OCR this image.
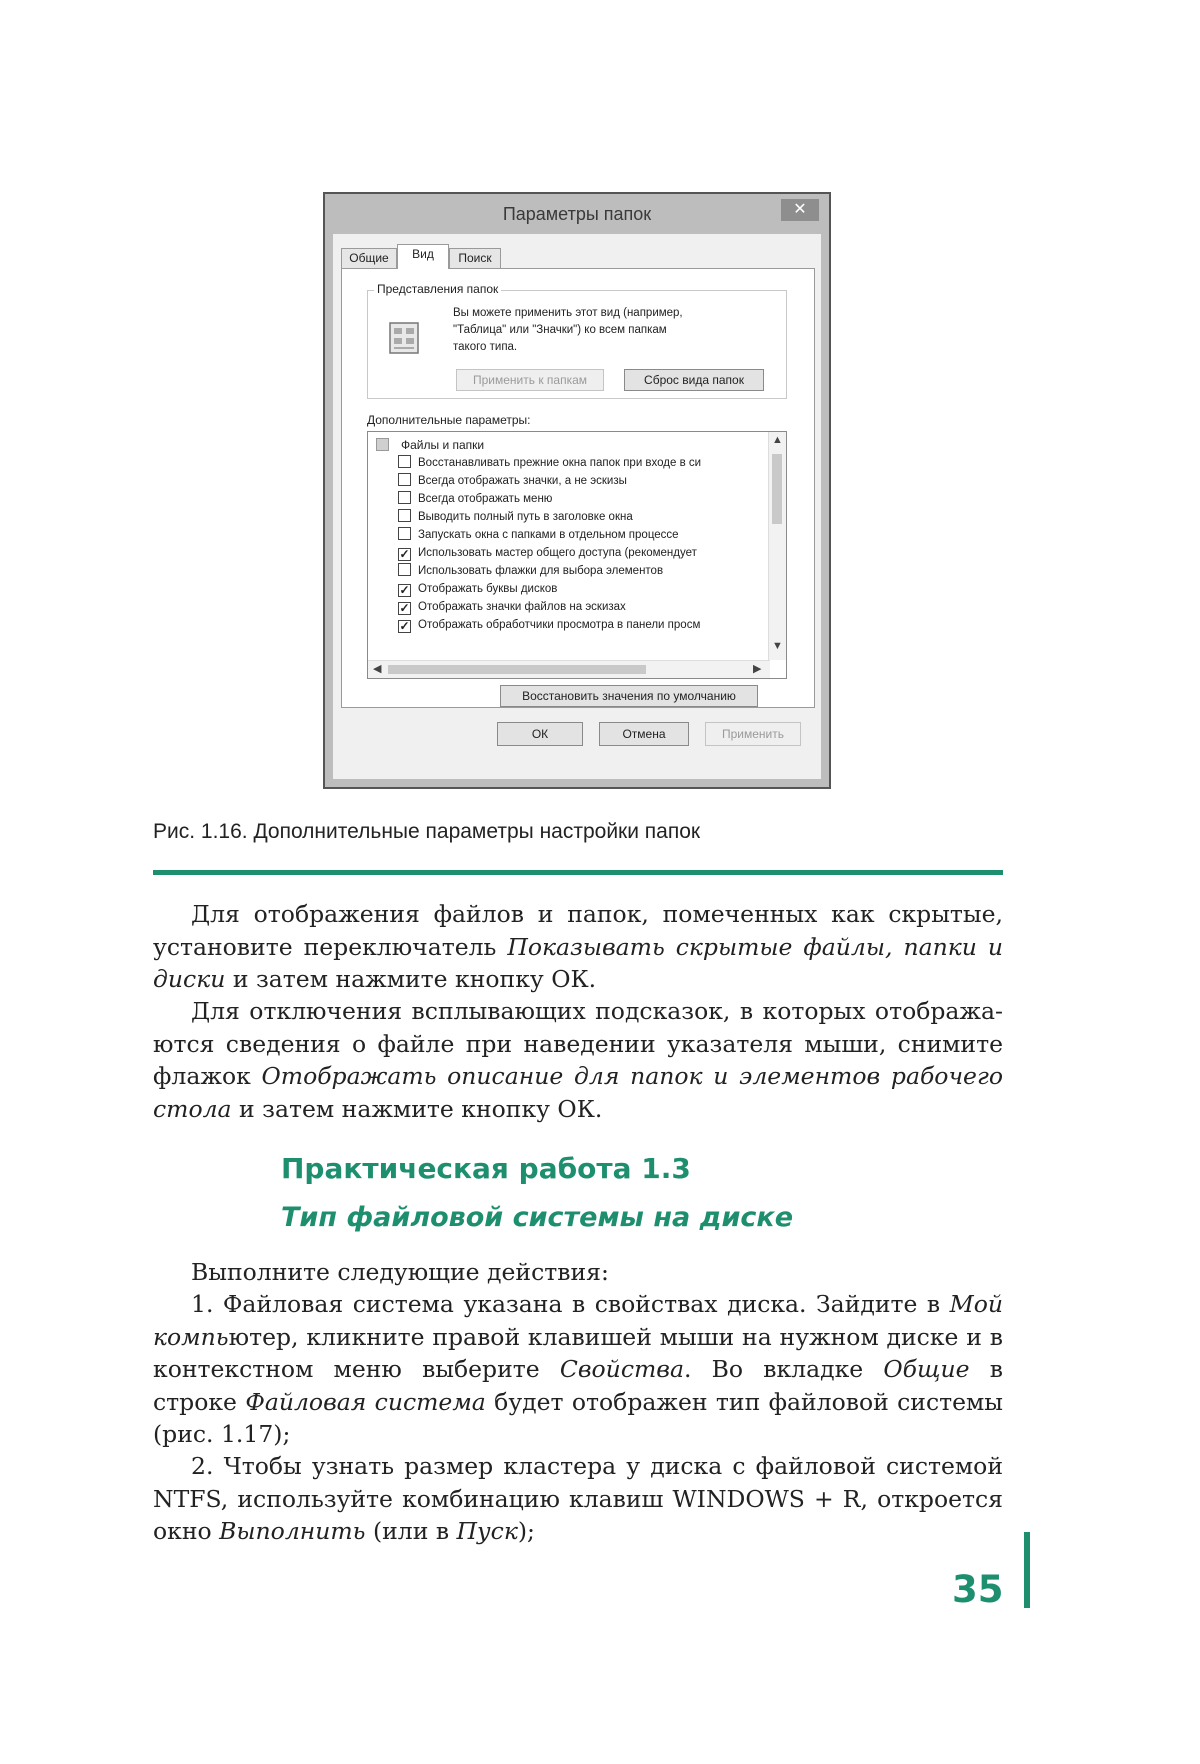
Параметры папок	✕
Общие	Вид	Поиск
Представления папок
Вы можете применить этот вид (например,
"Таблица" или "Значки") ко всем папкам
такого типа.
Применить к папкам	Сброс вида папок
Дополнительные параметры:
Файлы и папки
Восстанавливать прежние окна папок при входе в си
Всегда отображать значки, а не эскизы
Всегда отображать меню
Выводить полный путь в заголовке окна
Запускать окна с папками в отдельном процессе
✓ Использовать мастер общего доступа (рекомендует
Использовать флажки для выбора элементов
✓ Отображать буквы дисков
✓ Отображать значки файлов на эскизах
✓ Отображать обработчики просмотра в панели просм
▲
▼
◀	▶
Восстановить значения по умолчанию
ОК	Отмена	Применить
Рис. 1.16. Дополнительные параметры настройки папок

Для отображения файлов и папок, помеченных как скрытые, установите переключатель Показывать скрытые файлы, папки и диски и затем нажмите кнопку ОК.

Для отключения всплывающих подсказок, в которых отобража-ются сведения о файле при наведении указателя мыши, снимите флажок Отображать описание для папок и элементов рабочего стола и затем нажмите кнопку ОК.

Практическая работа 1.3
Тип файловой системы на диске

Выполните следующие действия:

1. Файловая система указана в свойствах диска. Зайдите в Мой компьютер, кликните правой клавишей мыши на нужном диске и в контекстном меню выберите Свойства. Во вкладке Общие в строке Файловая система будет отображен тип файловой системы (рис. 1.17);

2. Чтобы узнать размер кластера у диска с файловой системой NTFS, используйте комбинацию клавиш WINDOWS + R, откроется окно Выполнить (или в Пуск);

35
